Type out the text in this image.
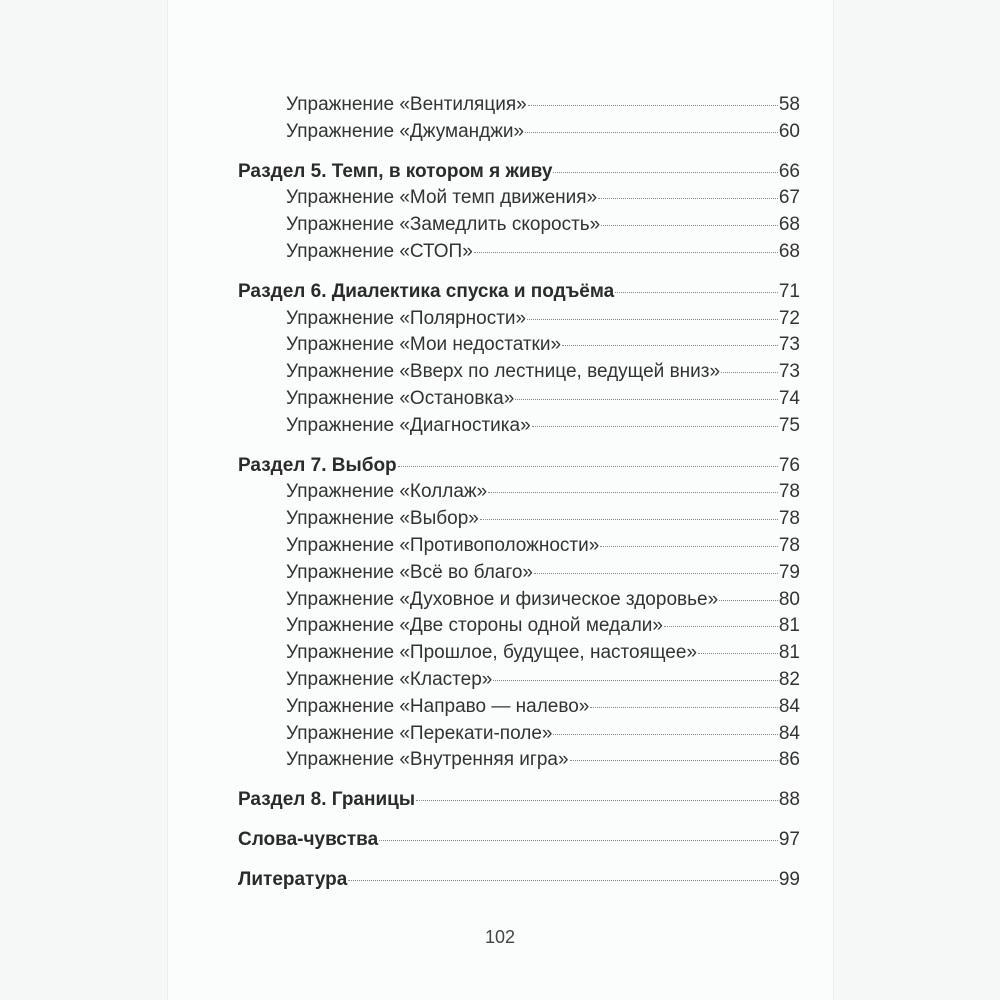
Упражнение «Вентиляция»	58
Упражнение «Джуманджи»	60
Раздел 5. Темп, в котором я живу	66
Упражнение «Мой темп движения»	67
Упражнение «Замедлить скорость»	68
Упражнение «СТОП»	68
Раздел 6. Диалектика спуска и подъёма	71
Упражнение «Полярности»	72
Упражнение «Мои недостатки»	73
Упражнение «Вверх по лестнице, ведущей вниз»	73
Упражнение «Остановка»	74
Упражнение «Диагностика»	75
Раздел 7. Выбор	76
Упражнение «Коллаж»	78
Упражнение «Выбор»	78
Упражнение «Противоположности»	78
Упражнение «Всё во благо»	79
Упражнение «Духовное и физическое здоровье»	80
Упражнение «Две стороны одной медали»	81
Упражнение «Прошлое, будущее, настоящее»	81
Упражнение «Кластер»	82
Упражнение «Направо — налево»	84
Упражнение «Перекати-поле»	84
Упражнение «Внутренняя игра»	86
Раздел 8. Границы	88
Слова-чувства	97
Литература	99
102
